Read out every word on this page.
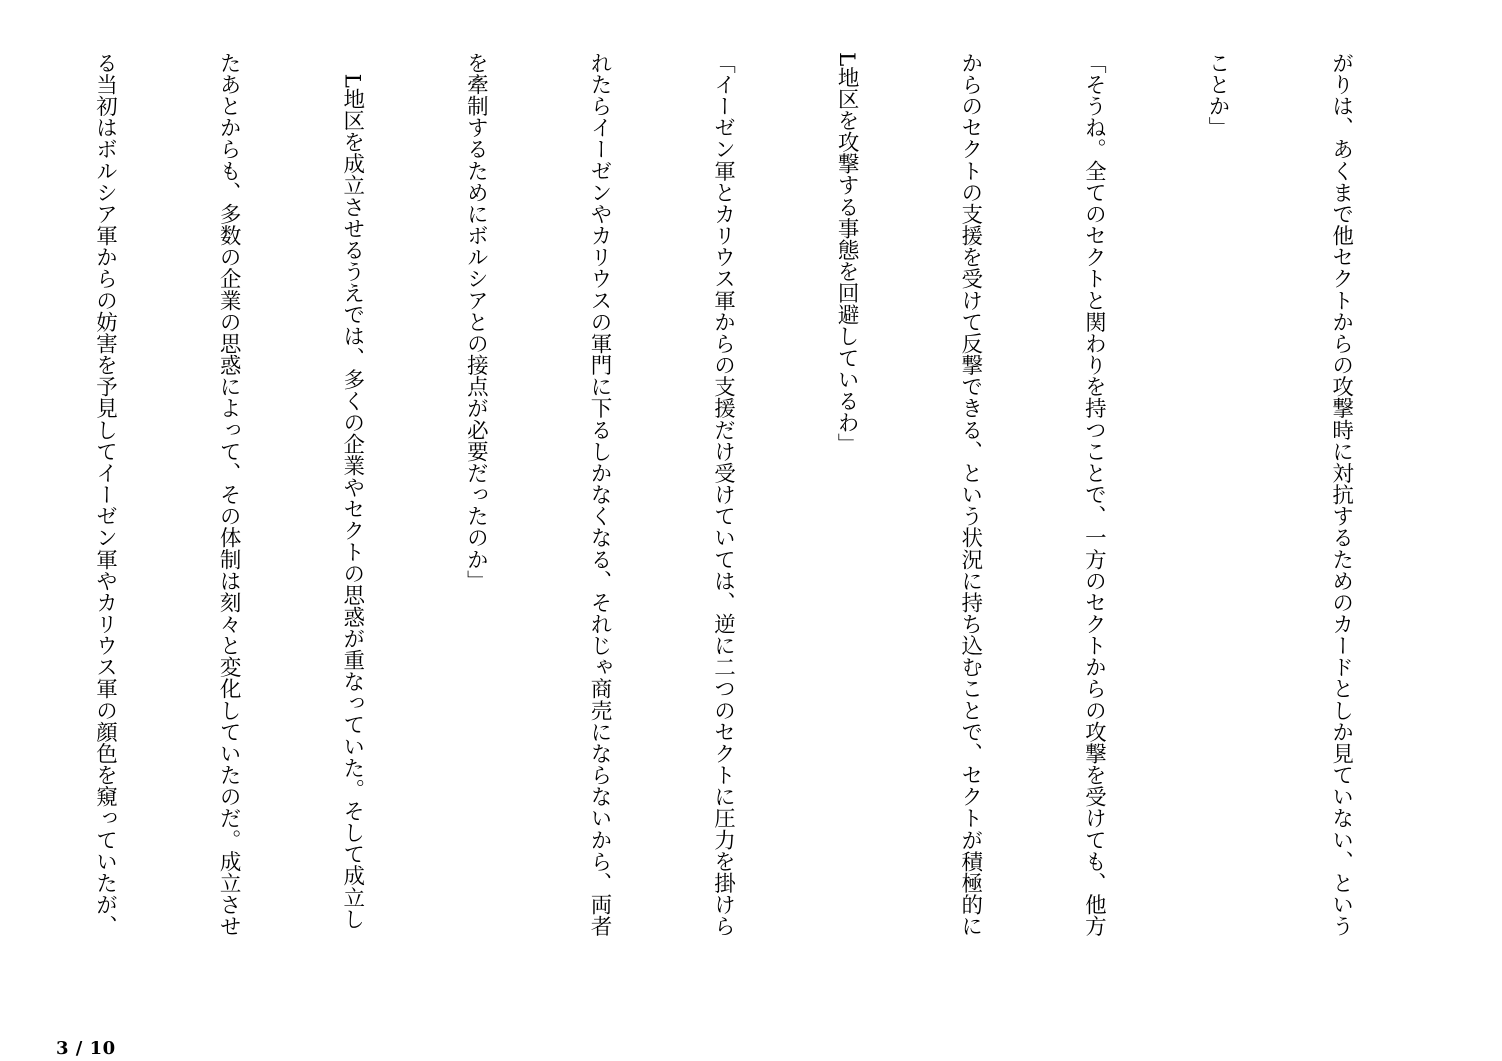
がりは、あくまで他セクトからの攻撃時に対抗するためのカードとしか見ていない、という

ことか」

「そうね。全てのセクトと関わりを持つことで、一方のセクトからの攻撃を受けても、他方

からのセクトの支援を受けて反撃できる、という状況に持ち込むことで、セクトが積極的に

L地区を攻撃する事態を回避しているわ」

「イーゼン軍とカリウス軍からの支援だけ受けていては、逆に二つのセクトに圧力を掛けら

れたらイーゼンやカリウスの軍門に下るしかなくなる、それじゃ商売にならないから、両者

を牽制するためにボルシアとの接点が必要だったのか」

　L地区を成立させるうえでは、多くの企業やセクトの思惑が重なっていた。そして成立し

たあとからも、多数の企業の思惑によって、その体制は刻々と変化していたのだ。成立させ

る当初はボルシア軍からの妨害を予見してイーゼン軍やカリウス軍の顔色を窺っていたが、

3 / 10
